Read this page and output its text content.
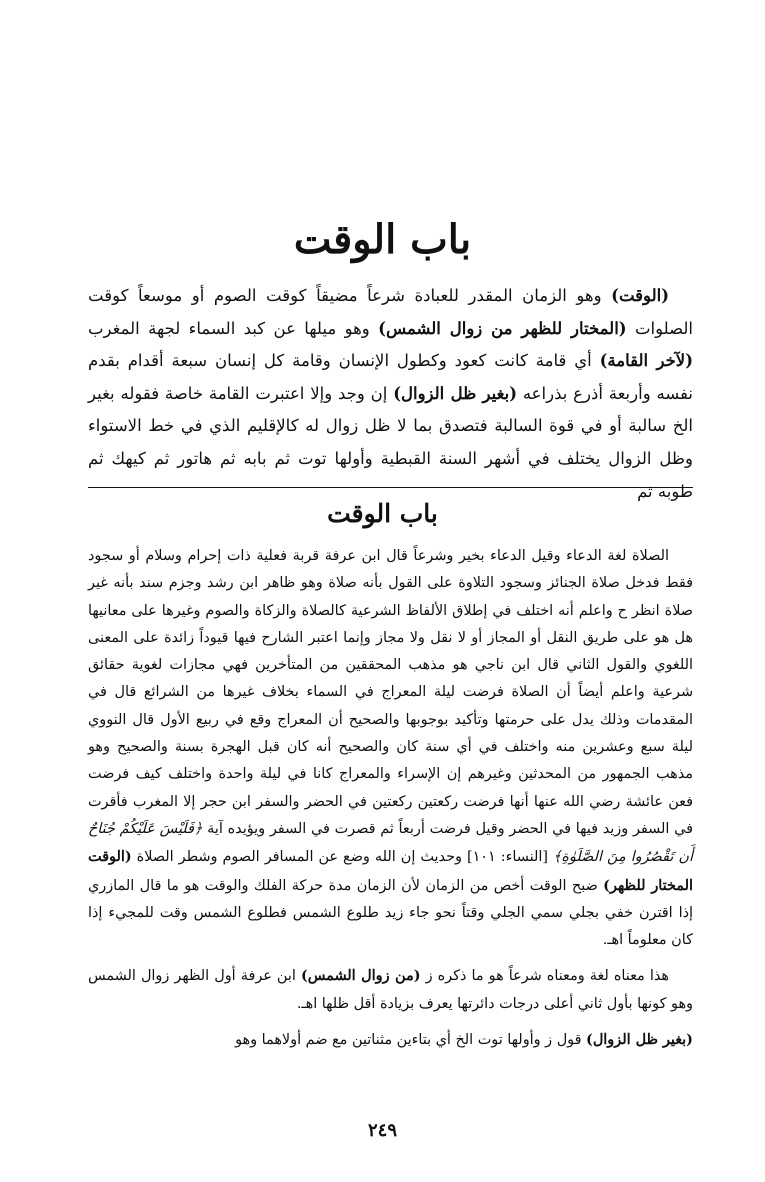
باب الوقت

(الوقت) وهو الزمان المقدر للعبادة شرعاً مضيقاً كوقت الصوم أو موسعاً كوقت الصلوات (المختار للظهر من زوال الشمس) وهو ميلها عن كبد السماء لجهة المغرب (لآخر القامة) أي قامة كانت كعود وكطول الإنسان وقامة كل إنسان سبعة أقدام بقدم نفسه وأربعة أذرع بذراعه (بغير ظل الزوال) إن وجد وإلا اعتبرت القامة خاصة فقوله بغير الخ سالبة أو في قوة السالبة فتصدق بما لا ظل زوال له كالإقليم الذي في خط الاستواء وظل الزوال يختلف في أشهر السنة القبطية وأولها توت ثم بابه ثم هاتور ثم كيهك ثم طوبه ثم

باب الوقت

الصلاة لغة الدعاء وقيل الدعاء بخير وشرعاً قال ابن عرفة قربة فعلية ذات إحرام وسلام أو سجود فقط فدخل صلاة الجنائز وسجود التلاوة على القول بأنه صلاة وهو ظاهر ابن رشد وجزم سند بأنه غير صلاة انظر ح واعلم أنه اختلف في إطلاق الألفاظ الشرعية كالصلاة والزكاة والصوم وغيرها على معانيها هل هو على طريق النقل أو المجاز أو لا نقل ولا مجاز وإنما اعتبر الشارح فيها قيوداً زائدة على المعنى اللغوي والقول الثاني قال ابن ناجي هو مذهب المحققين من المتأخرين فهي مجازات لغوية حقائق شرعية واعلم أيضاً أن الصلاة فرضت ليلة المعراج في السماء بخلاف غيرها من الشرائع قال في المقدمات وذلك يدل على حرمتها وتأكيد بوجوبها والصحيح أن المعراج وقع في ربيع الأول قال النووي ليلة سبع وعشرين منه واختلف في أي سنة كان والصحيح أنه كان قبل الهجرة بسنة والصحيح وهو مذهب الجمهور من المحدثين وغيرهم إن الإسراء والمعراج كانا في ليلة واحدة واختلف كيف فرضت فعن عائشة رضي الله عنها أنها فرضت ركعتين ركعتين في الحضر والسفر ابن حجر إلا المغرب فأقرت في السفر وزيد فيها في الحضر وقيل فرضت أربعاً ثم قصرت في السفر ويؤيده آية ﴿فَلَيْسَ عَلَيْكُمْ جُنَاحٌ أَن تَقْصُرُوا مِنَ الصَّلَوٰةِ﴾ [النساء: ١٠١] وحديث إن الله وضع عن المسافر الصوم وشطر الصلاة (الوقت المختار للظهر) ضبح الوقت أخص من الزمان لأن الزمان مدة حركة الفلك والوقت هو ما قال المازري إذا اقترن خفي بجلي سمي الجلي وقتاً نحو جاء زيد طلوع الشمس فطلوع الشمس وقت للمجيء إذا كان معلوماً اهـ.

هذا معناه لغة ومعناه شرعاً هو ما ذكره ز (من زوال الشمس) ابن عرفة أول الظهر زوال الشمس وهو كونها بأول ثاني أعلى درجات دائرتها يعرف بزيادة أقل ظلها اهـ.

(بغير ظل الزوال) قول ز وأولها توت الخ أي بتاءين مثناتين مع ضم أولاهما وهو

٢٤٩
